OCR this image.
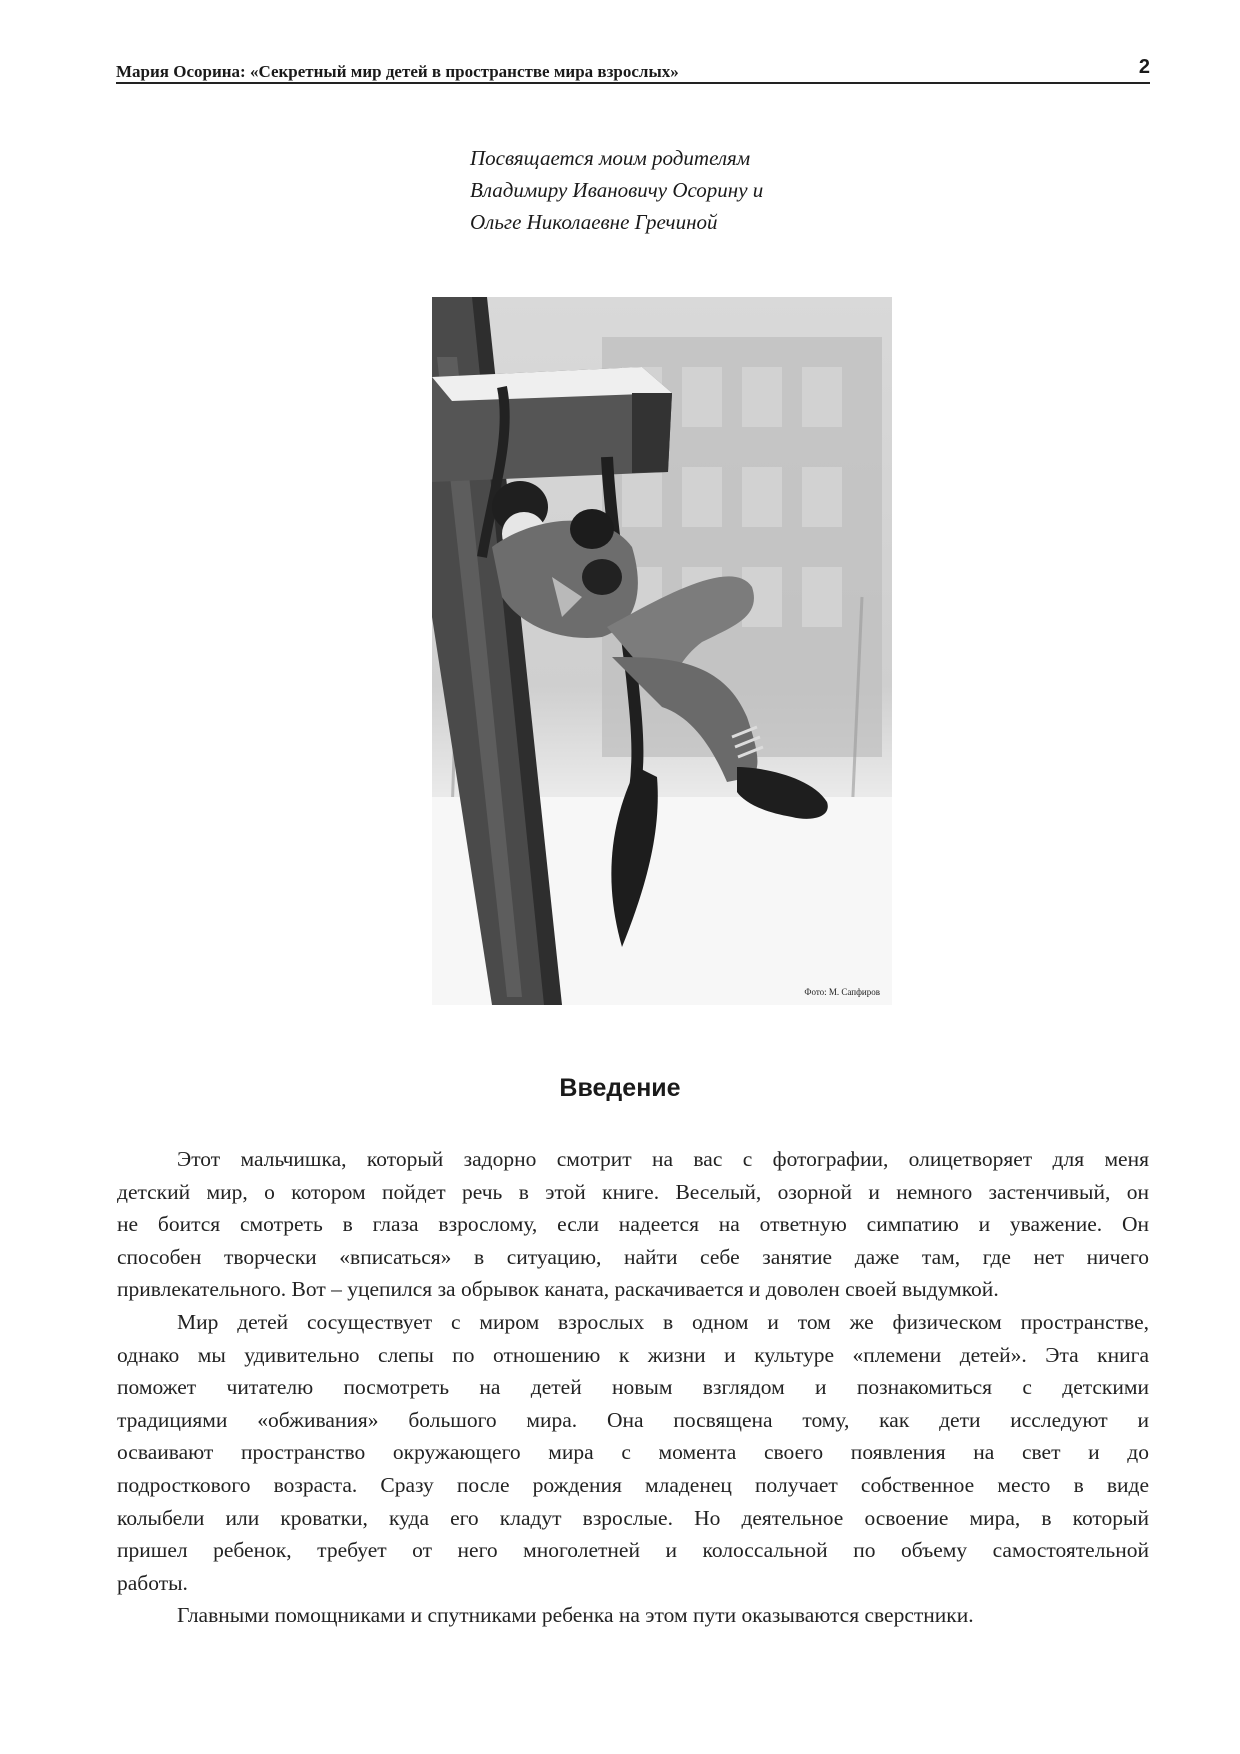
Мария Осорина: «Секретный мир детей в пространстве мира взрослых»	2
Посвящается моим родителям
Владимиру Ивановичу Осорину и
Ольге Николаевне Гречиной
Фото: М. Сапфиров
Введение
Этот мальчишка, который задорно смотрит на вас с фотографии, олицетворяет для меня
детский мир, о котором пойдет речь в этой книге. Веселый, озорной и немного застенчивый, он
не боится смотреть в глаза взрослому, если надеется на ответную симпатию и уважение. Он
способен творчески «вписаться» в ситуацию, найти себе занятие даже там, где нет ничего
привлекательного. Вот – уцепился за обрывок каната, раскачивается и доволен своей выдумкой.
Мир детей сосуществует с миром взрослых в одном и том же физическом пространстве,
однако мы удивительно слепы по отношению к жизни и культуре «племени детей». Эта книга
поможет читателю посмотреть на детей новым взглядом и познакомиться с детскими
традициями «обживания» большого мира. Она посвящена тому, как дети исследуют и
осваивают пространство окружающего мира с момента своего появления на свет и до
подросткового возраста. Сразу после рождения младенец получает собственное место в виде
колыбели или кроватки, куда его кладут взрослые. Но деятельное освоение мира, в который
пришел ребенок, требует от него многолетней и колоссальной по объему самостоятельной
работы.
Главными помощниками и спутниками ребенка на этом пути оказываются сверстники.
